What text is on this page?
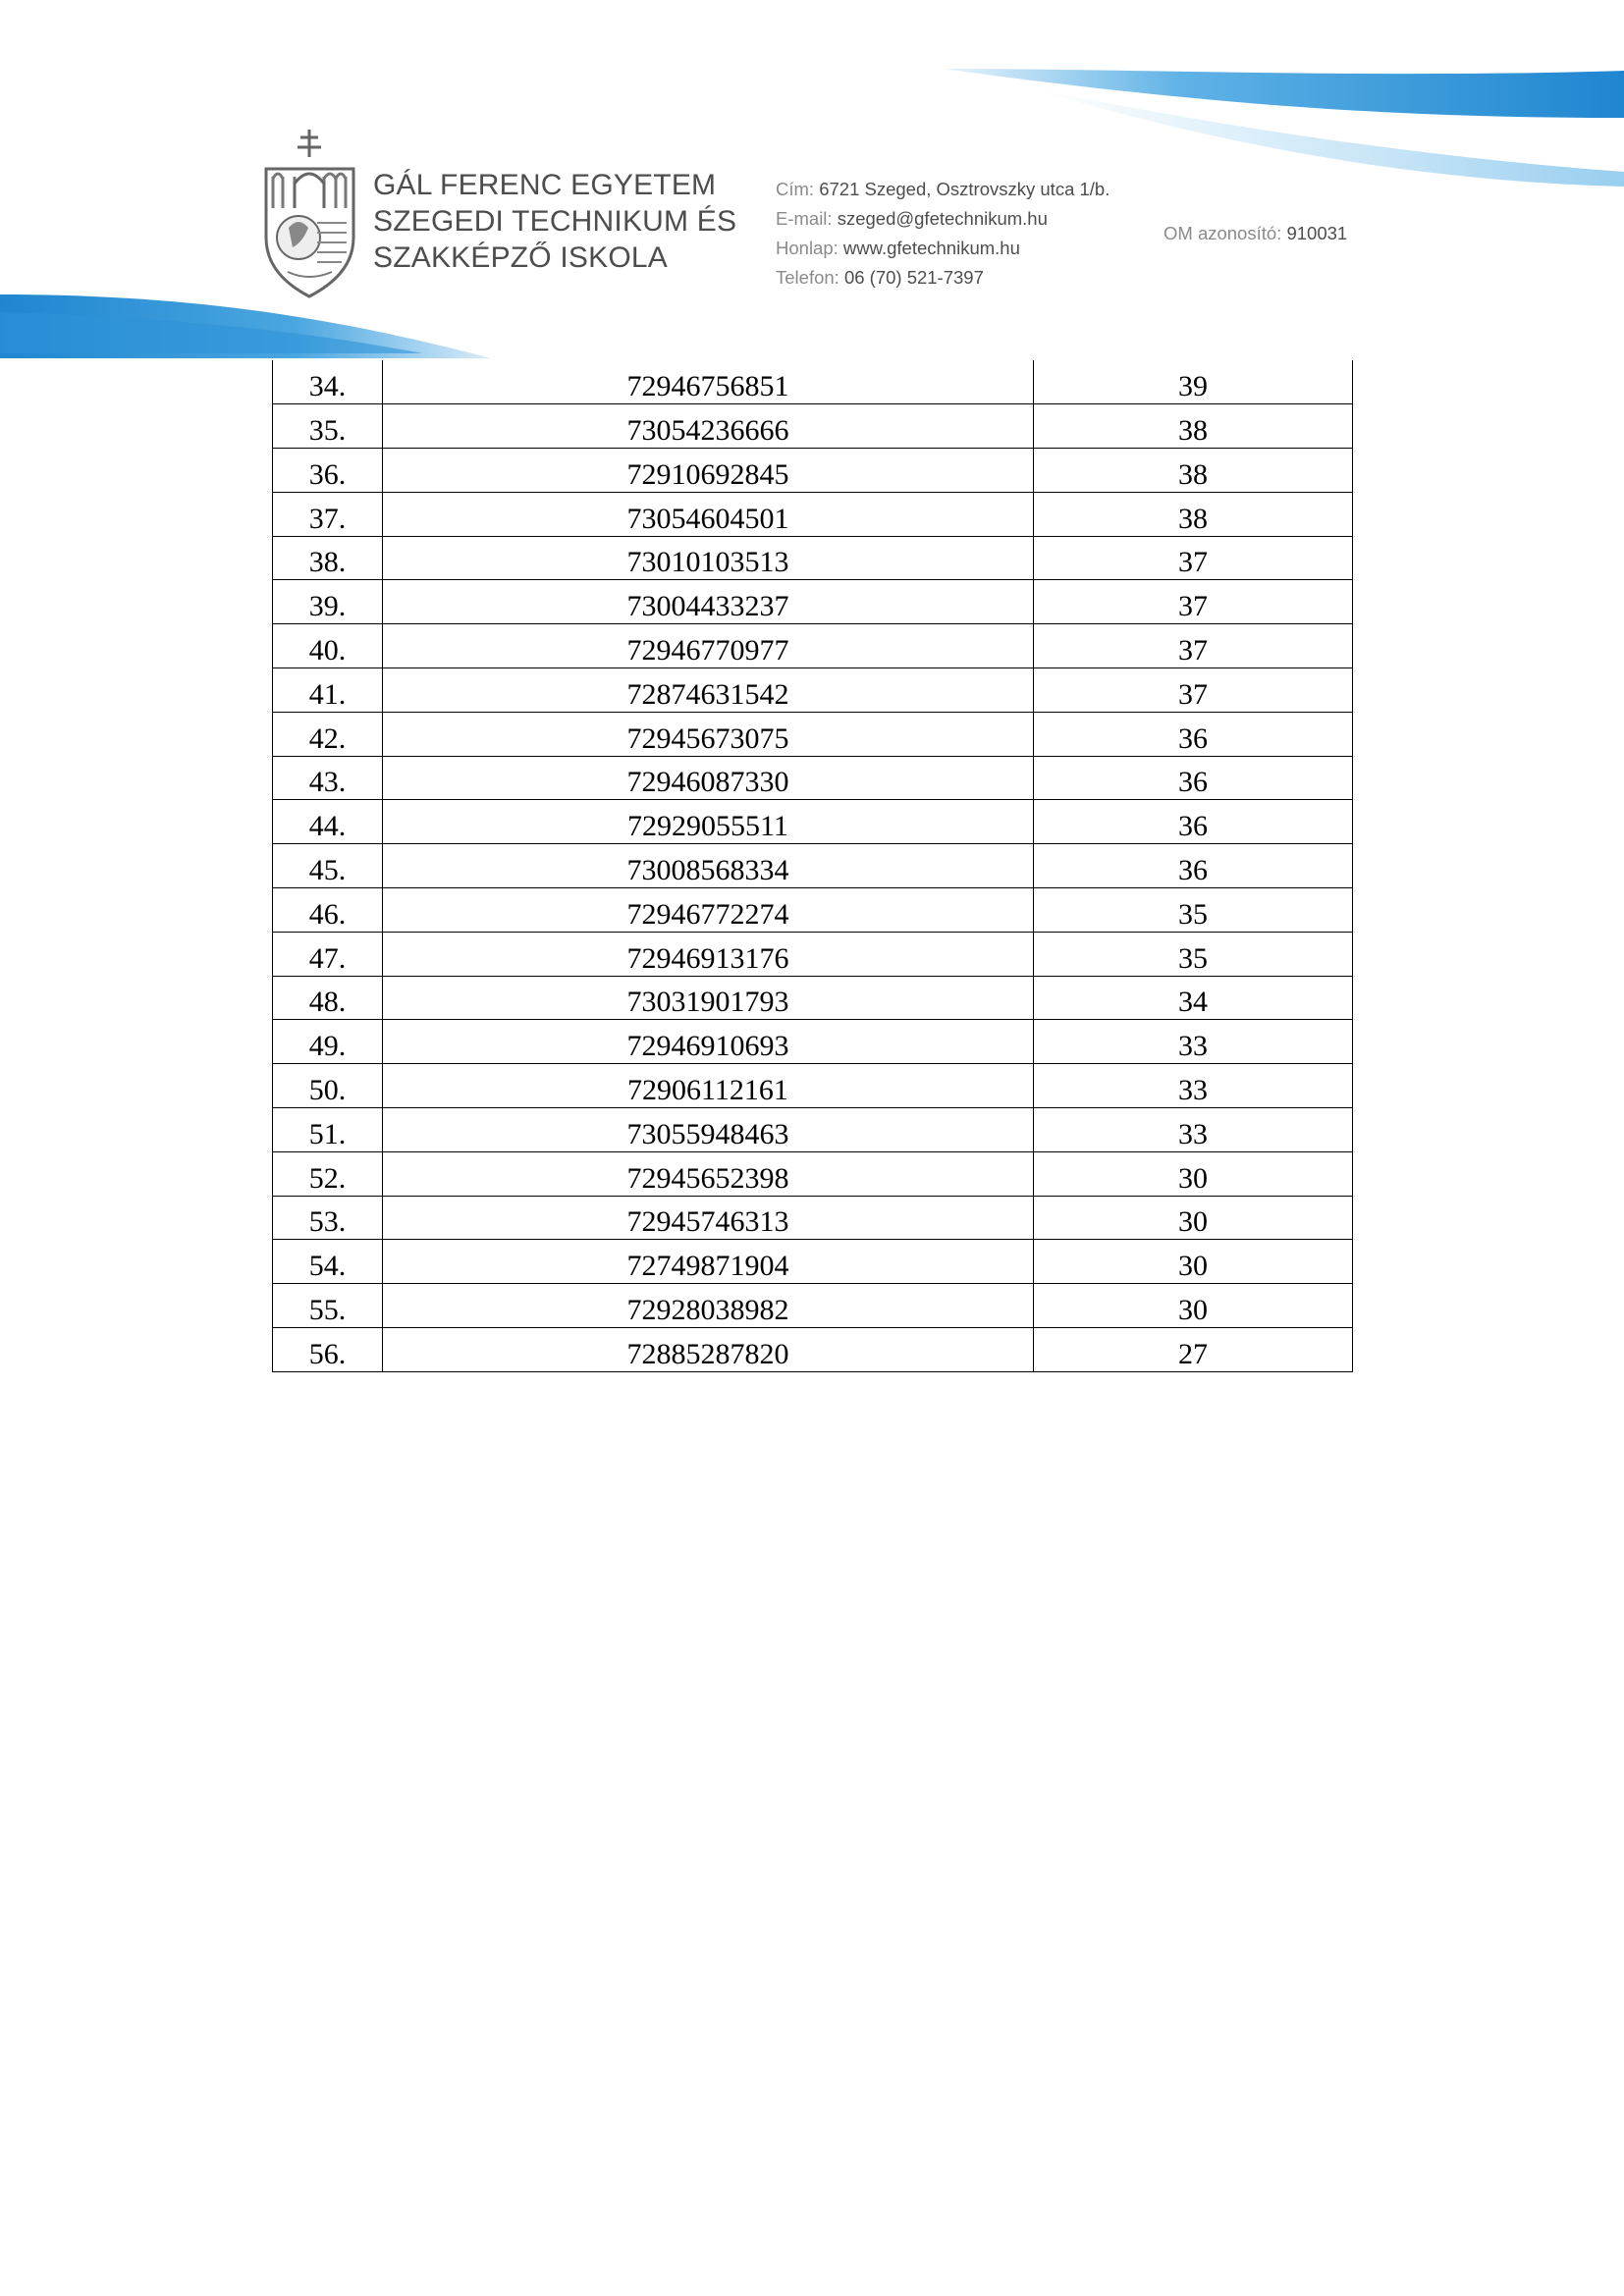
GÁL FERENC EGYETEM
SZEGEDI TECHNIKUM ÉS
SZAKKÉPZŐ ISKOLA
Cím: 6721 Szeged, Osztrovszky utca 1/b.
E-mail: szeged@gfetechnikum.hu
Honlap: www.gfetechnikum.hu
Telefon: 06 (70) 521-7397
OM azonosító: 910031
34.	72946756851	39
35.	73054236666	38
36.	72910692845	38
37.	73054604501	38
38.	73010103513	37
39.	73004433237	37
40.	72946770977	37
41.	72874631542	37
42.	72945673075	36
43.	72946087330	36
44.	72929055511	36
45.	73008568334	36
46.	72946772274	35
47.	72946913176	35
48.	73031901793	34
49.	72946910693	33
50.	72906112161	33
51.	73055948463	33
52.	72945652398	30
53.	72945746313	30
54.	72749871904	30
55.	72928038982	30
56.	72885287820	27
